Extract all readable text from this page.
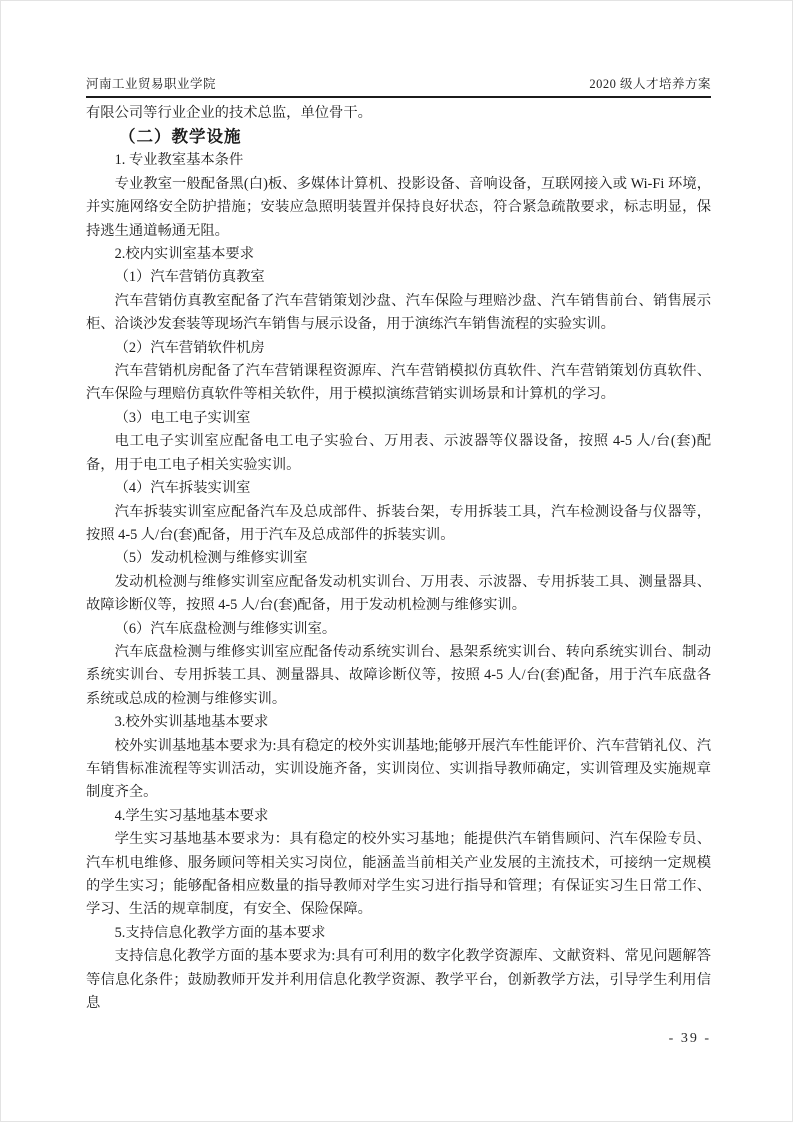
河南工业贸易职业学院	2020 级人才培养方案

有限公司等行业企业的技术总监，单位骨干。

（二）教学设施

1. 专业教室基本条件

专业教室一般配备黑(白)板、多媒体计算机、投影设备、音响设备，互联网接入或 Wi-Fi 环境，并实施网络安全防护措施；安装应急照明装置并保持良好状态，符合紧急疏散要求，标志明显，保持逃生通道畅通无阻。

2.校内实训室基本要求

（1）汽车营销仿真教室

汽车营销仿真教室配备了汽车营销策划沙盘、汽车保险与理赔沙盘、汽车销售前台、销售展示柜、洽谈沙发套装等现场汽车销售与展示设备，用于演练汽车销售流程的实验实训。

（2）汽车营销软件机房

汽车营销机房配备了汽车营销课程资源库、汽车营销模拟仿真软件、汽车营销策划仿真软件、汽车保险与理赔仿真软件等相关软件，用于模拟演练营销实训场景和计算机的学习。

（3）电工电子实训室

电工电子实训室应配备电工电子实验台、万用表、示波器等仪器设备，按照 4-5 人/台(套)配备，用于电工电子相关实验实训。

（4）汽车拆装实训室

汽车拆装实训室应配备汽车及总成部件、拆装台架，专用拆装工具，汽车检测设备与仪器等，按照 4-5 人/台(套)配备，用于汽车及总成部件的拆装实训。

（5）发动机检测与维修实训室

发动机检测与维修实训室应配备发动机实训台、万用表、示波器、专用拆装工具、测量器具、故障诊断仪等，按照 4-5 人/台(套)配备，用于发动机检测与维修实训。

（6）汽车底盘检测与维修实训室。

汽车底盘检测与维修实训室应配备传动系统实训台、悬架系统实训台、转向系统实训台、制动系统实训台、专用拆装工具、测量器具、故障诊断仪等，按照 4-5 人/台(套)配备，用于汽车底盘各系统或总成的检测与维修实训。

3.校外实训基地基本要求

校外实训基地基本要求为:具有稳定的校外实训基地;能够开展汽车性能评价、汽车营销礼仪、汽车销售标准流程等实训活动，实训设施齐备，实训岗位、实训指导教师确定，实训管理及实施规章制度齐全。

4.学生实习基地基本要求

学生实习基地基本要求为：具有稳定的校外实习基地；能提供汽车销售顾问、汽车保险专员、汽车机电维修、服务顾问等相关实习岗位，能涵盖当前相关产业发展的主流技术，可接纳一定规模的学生实习；能够配备相应数量的指导教师对学生实习进行指导和管理；有保证实习生日常工作、学习、生活的规章制度，有安全、保险保障。

5.支持信息化教学方面的基本要求

支持信息化教学方面的基本要求为:具有可利用的数字化教学资源库、文献资料、常见问题解答等信息化条件；鼓励教师开发并利用信息化教学资源、教学平台，创新教学方法，引导学生利用信息

- 39 -
